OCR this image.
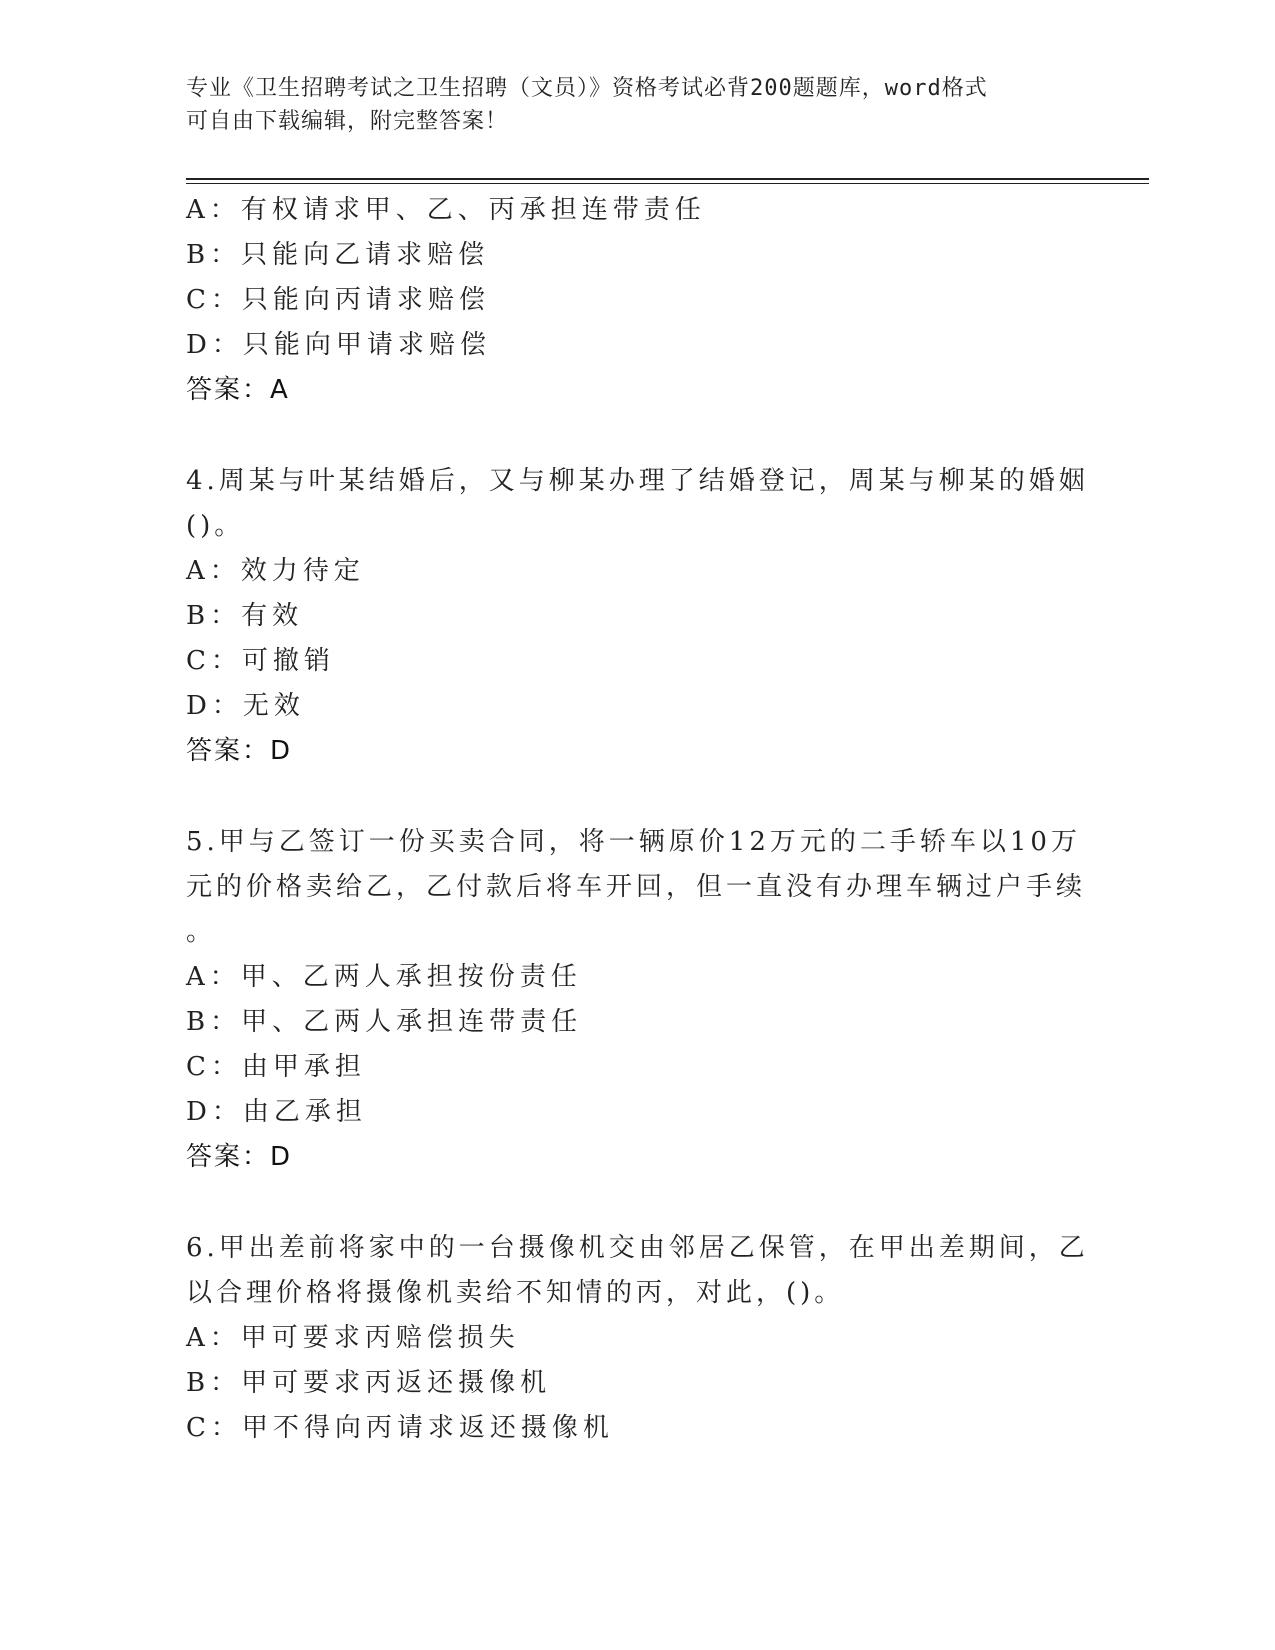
专业《卫生招聘考试之卫生招聘（文员）》资格考试必背200题题库，word格式
可自由下载编辑，附完整答案！
A：有权请求甲、乙、丙承担连带责任
B：只能向乙请求赔偿
C：只能向丙请求赔偿
D：只能向甲请求赔偿
答案：A
4.周某与叶某结婚后，又与柳某办理了结婚登记，周某与柳某的婚姻
()。
A：效力待定
B：有效
C：可撤销
D：无效
答案：D
5.甲与乙签订一份买卖合同，将一辆原价12万元的二手轿车以10万
元的价格卖给乙，乙付款后将车开回，但一直没有办理车辆过户手续
。
A：甲、乙两人承担按份责任
B：甲、乙两人承担连带责任
C：由甲承担
D：由乙承担
答案：D
6.甲出差前将家中的一台摄像机交由邻居乙保管，在甲出差期间，乙
以合理价格将摄像机卖给不知情的丙，对此，()。
A：甲可要求丙赔偿损失
B：甲可要求丙返还摄像机
C：甲不得向丙请求返还摄像机
